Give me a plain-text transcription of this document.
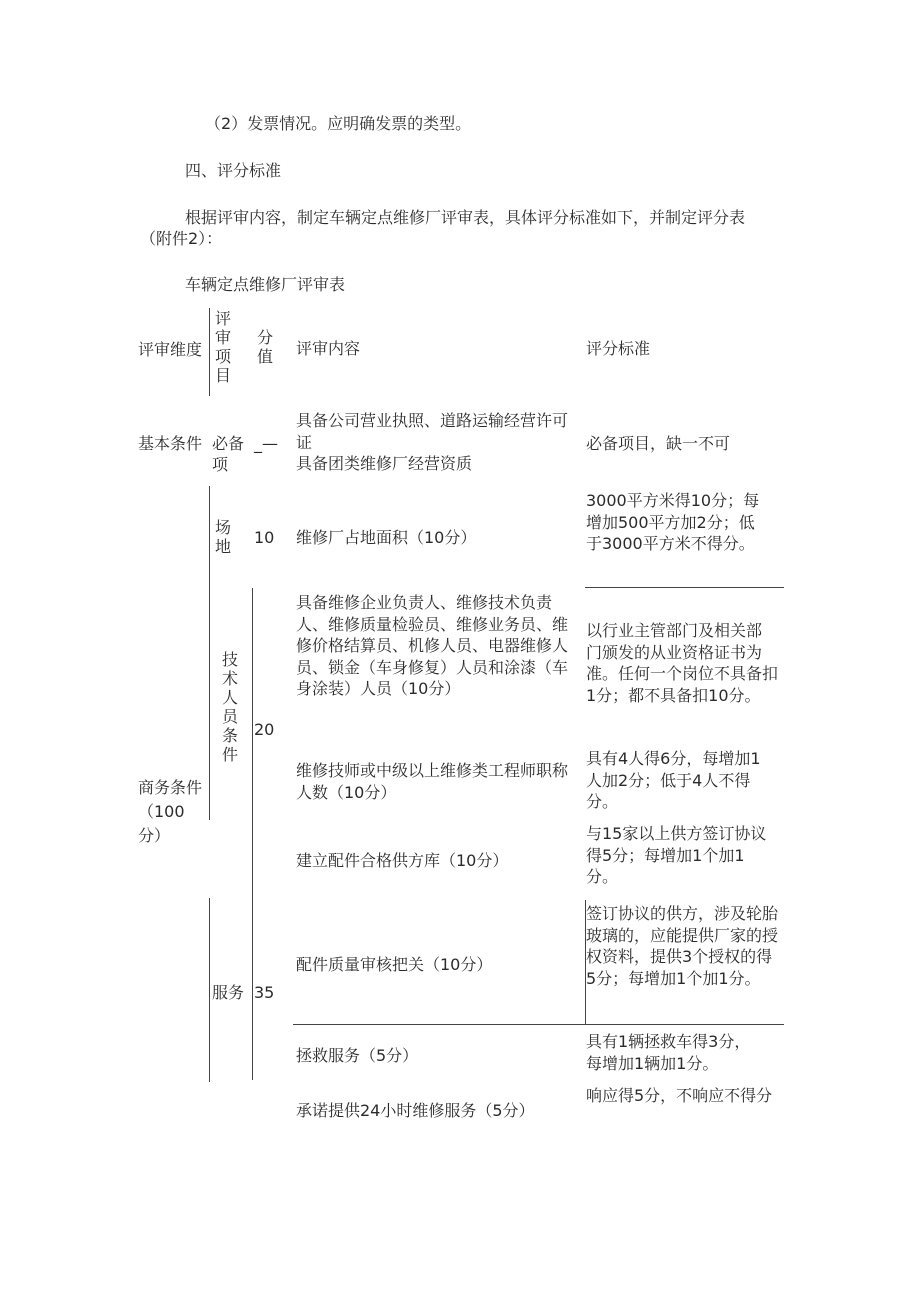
（2）发票情况。应明确发票的类型。
四、评分标准
根据评审内容，制定车辆定点维修厂评审表，具体评分标准如下，并制定评分表
（附件2）：
车辆定点维修厂评审表
评审维度
评审项目
分值 评审内容	评分标准
基本条件 必备项
_—
具备公司营业执照、道路运输经营许可
证
具备团类维修厂经营资质
必备项目，缺一不可
商务条件（100分）
场地 10 维修厂占地面积（10分）
3000平方米得10分；每
增加500平方加2分；低
于3000平方米不得分。
技术人员条件
20
具备维修企业负责人、维修技术负责
人、维修质量检验员、维修业务员、维
修价格结算员、机修人员、电器维修人
员、锁金（车身修复）人员和涂漆（车
身涂装）人员（10分）
以行业主管部门及相关部
门颁发的从业资格证书为
准。任何一个岗位不具备扣
1分；都不具备扣10分。
维修技师或中级以上维修类工程师职称
人数（10分）
具有4人得6分，每增加1
人加2分；低于4人不得
分。
服务 35
建立配件合格供方库（10分）
与15家以上供方签订协议
得5分；每增加1个加1
分。
配件质量审核把关（10分）
签订协议的供方，涉及轮胎
玻璃的，应能提供厂家的授
权资料，提供3个授权的得
5分；每增加1个加1分。
拯救服务（5分）
具有1辆拯救车得3分，
每增加1辆加1分。
承诺提供24小时维修服务（5分）
响应得5分，不响应不得分
